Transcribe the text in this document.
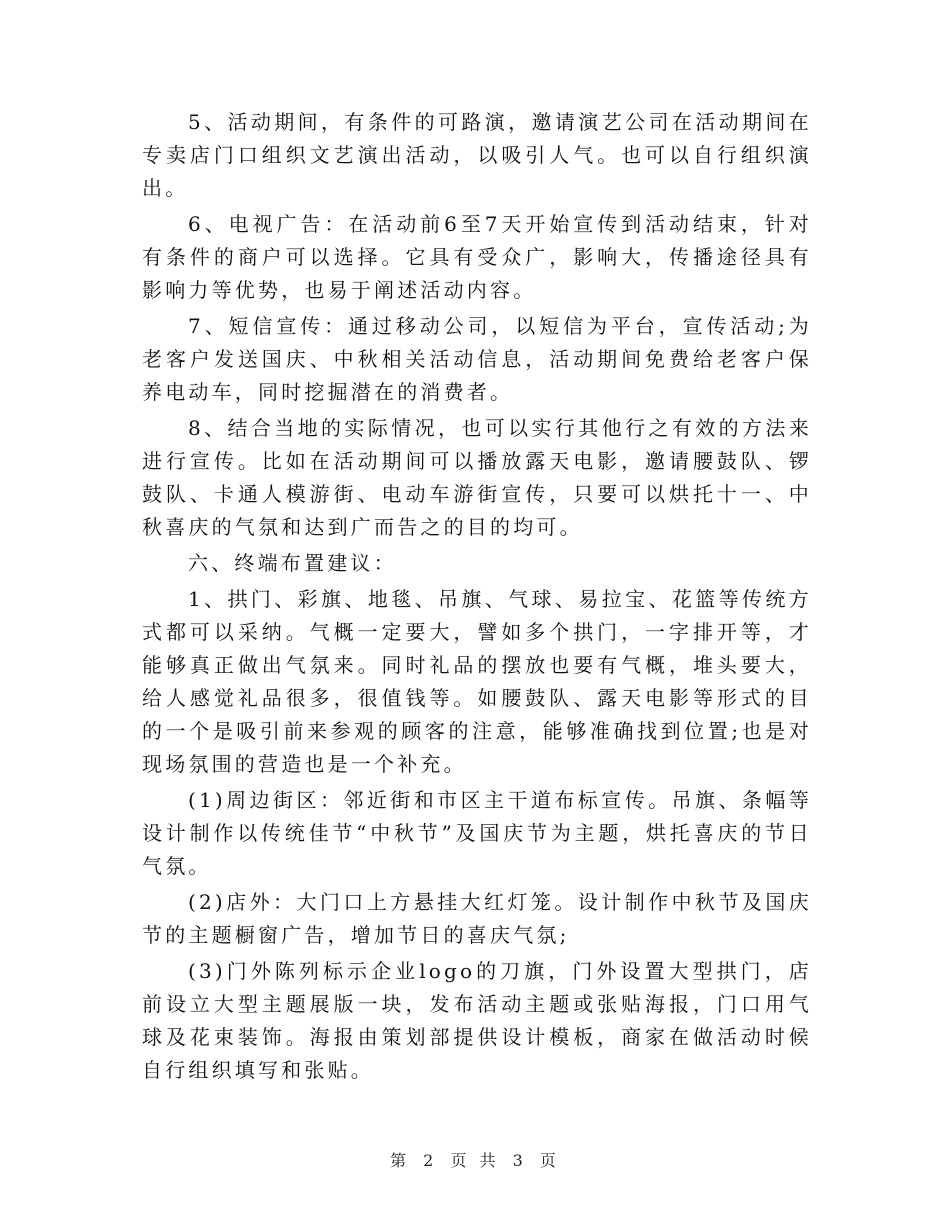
5、活动期间，有条件的可路演，邀请演艺公司在活动期间在专卖店门口组织文艺演出活动，以吸引人气。也可以自行组织演出。

6、电视广告：在活动前6至7天开始宣传到活动结束，针对有条件的商户可以选择。它具有受众广，影响大，传播途径具有影响力等优势，也易于阐述活动内容。

7、短信宣传：通过移动公司，以短信为平台，宣传活动;为老客户发送国庆、中秋相关活动信息，活动期间免费给老客户保养电动车，同时挖掘潜在的消费者。

8、结合当地的实际情况，也可以实行其他行之有效的方法来进行宣传。比如在活动期间可以播放露天电影，邀请腰鼓队、锣鼓队、卡通人模游街、电动车游街宣传，只要可以烘托十一、中秋喜庆的气氛和达到广而告之的目的均可。

六、终端布置建议：

1、拱门、彩旗、地毯、吊旗、气球、易拉宝、花篮等传统方式都可以采纳。气概一定要大，譬如多个拱门，一字排开等，才能够真正做出气氛来。同时礼品的摆放也要有气概，堆头要大，给人感觉礼品很多，很值钱等。如腰鼓队、露天电影等形式的目的一个是吸引前来参观的顾客的注意，能够准确找到位置;也是对现场氛围的营造也是一个补充。

(1)周边街区：邻近街和市区主干道布标宣传。吊旗、条幅等设计制作以传统佳节“中秋节”及国庆节为主题，烘托喜庆的节日气氛。

(2)店外：大门口上方悬挂大红灯笼。设计制作中秋节及国庆节的主题橱窗广告，增加节日的喜庆气氛;

(3)门外陈列标示企业logo的刀旗，门外设置大型拱门，店前设立大型主题展版一块，发布活动主题或张贴海报，门口用气球及花束装饰。海报由策划部提供设计模板，商家在做活动时候自行组织填写和张贴。

第 2 页 共 3 页
